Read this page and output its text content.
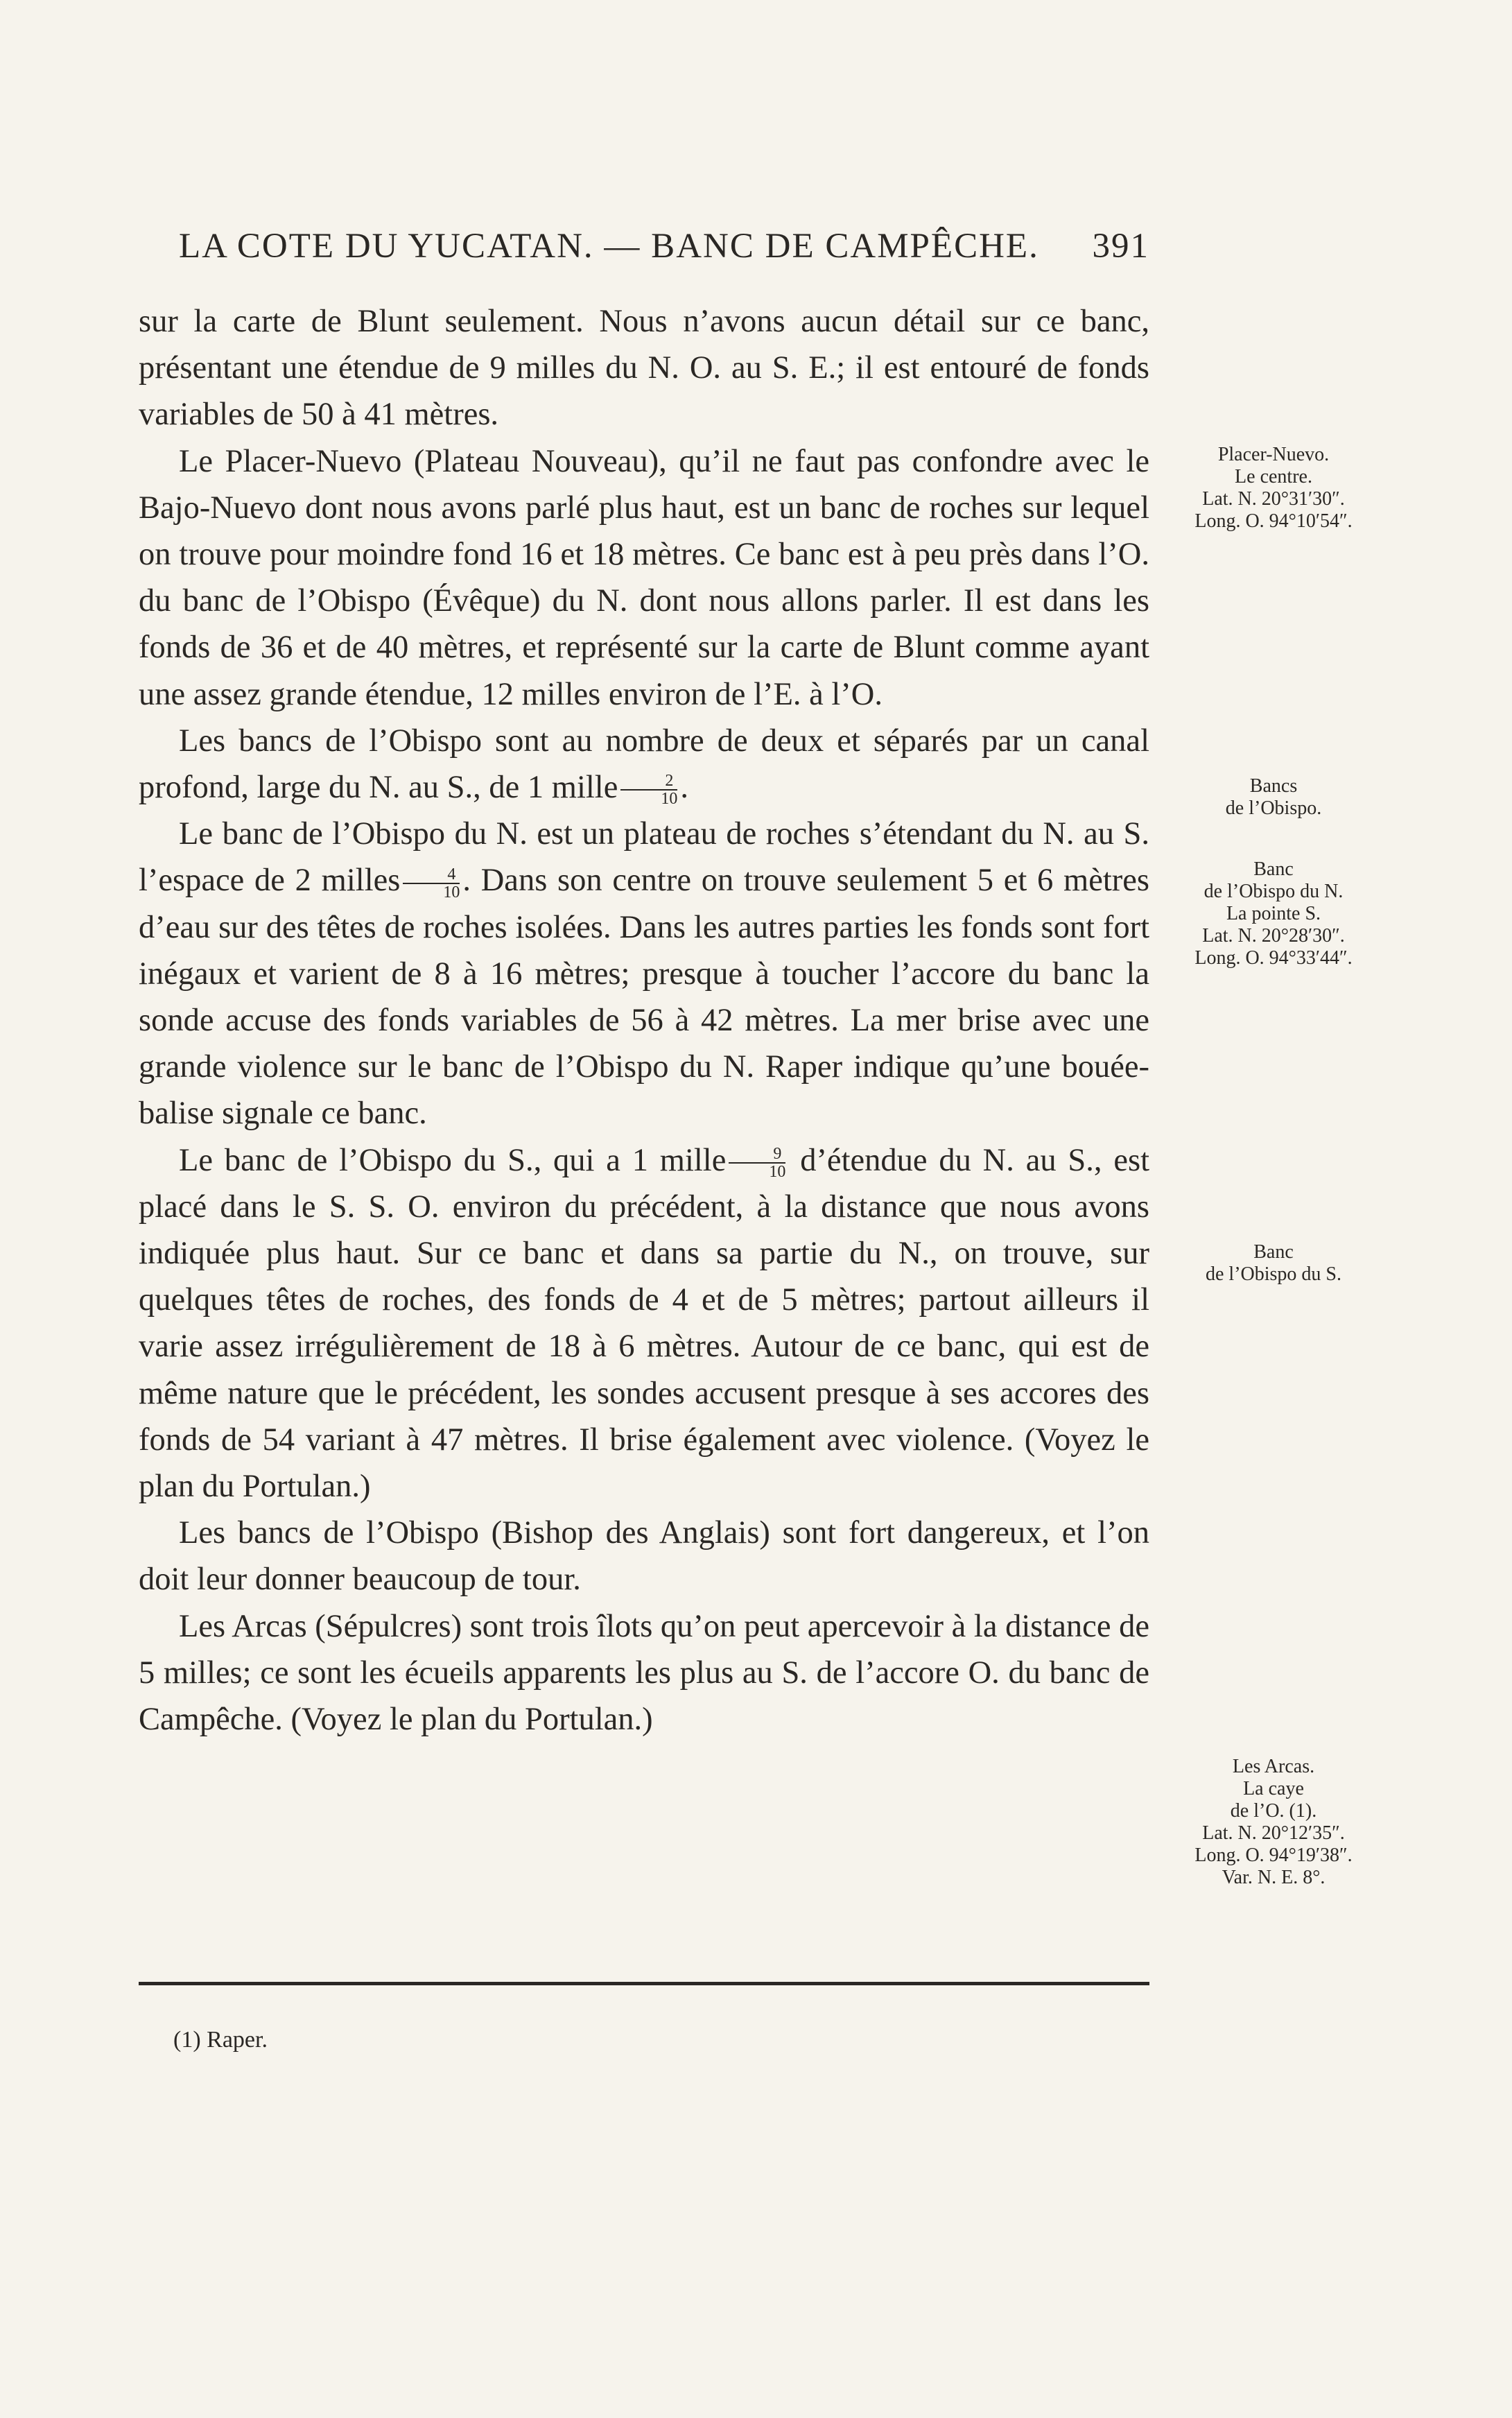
LA COTE DU YUCATAN. — BANC DE CAMPÊCHE. 391

sur la carte de Blunt seulement. Nous n’avons aucun détail sur ce banc, présentant une étendue de 9 milles du N. O. au S. E.; il est entouré de fonds variables de 50 à 41 mètres.

Le Placer-Nuevo (Plateau Nouveau), qu’il ne faut pas confondre avec le Bajo-Nuevo dont nous avons parlé plus haut, est un banc de roches sur lequel on trouve pour moindre fond 16 et 18 mètres. Ce banc est à peu près dans l’O. du banc de l’Obispo (Évêque) du N. dont nous allons parler. Il est dans les fonds de 36 et de 40 mètres, et représenté sur la carte de Blunt comme ayant une assez grande étendue, 12 milles environ de l’E. à l’O.

Les bancs de l’Obispo sont au nombre de deux et séparés par un canal profond, large du N. au S., de 1 mille $\frac{2}{10}$ .

Le banc de l’Obispo du N. est un plateau de roches s’étendant du N. au S. l’espace de 2 milles $\frac{4}{10}$ . Dans son centre on trouve seulement 5 et 6 mètres d’eau sur des têtes de roches isolées. Dans les autres parties les fonds sont fort inégaux et varient de 8 à 16 mètres; presque à toucher l’accore du banc la sonde accuse des fonds variables de 56 à 42 mètres. La mer brise avec une grande violence sur le banc de l’Obispo du N. Raper indique qu’une bouée-balise signale ce banc.

Le banc de l’Obispo du S., qui a 1 mille $\frac{9}{10}$ d’étendue du N. au S., est placé dans le S. S. O. environ du précédent, à la distance que nous avons indiquée plus haut. Sur ce banc et dans sa partie du N., on trouve, sur quelques têtes de roches, des fonds de 4 et de 5 mètres; partout ailleurs il varie assez irrégulièrement de 18 à 6 mètres. Autour de ce banc, qui est de même nature que le précédent, les sondes accusent presque à ses accores des fonds de 54 variant à 47 mètres. Il brise également avec violence. (Voyez le plan du Portulan.)

Les bancs de l’Obispo (Bishop des Anglais) sont fort dangereux, et l’on doit leur donner beaucoup de tour.

Les Arcas (Sépulcres) sont trois îlots qu’on peut apercevoir à la distance de 5 milles; ce sont les écueils apparents les plus au S. de l’accore O. du banc de Campêche. (Voyez le plan du Portulan.)

Placer-Nuevo.
Le centre.
Lat. N. 20°31′30″.
Long. O. 94°10′54″.
Bancs
de l’Obispo.
Banc
de l’Obispo du N.
La pointe S.
Lat. N. 20°28′30″.
Long. O. 94°33′44″.
Banc
de l’Obispo du S.
Les Arcas.
La caye
de l’O. (1).
Lat. N. 20°12′35″.
Long. O. 94°19′38″.
Var. N. E. 8°.
(1) Raper.
